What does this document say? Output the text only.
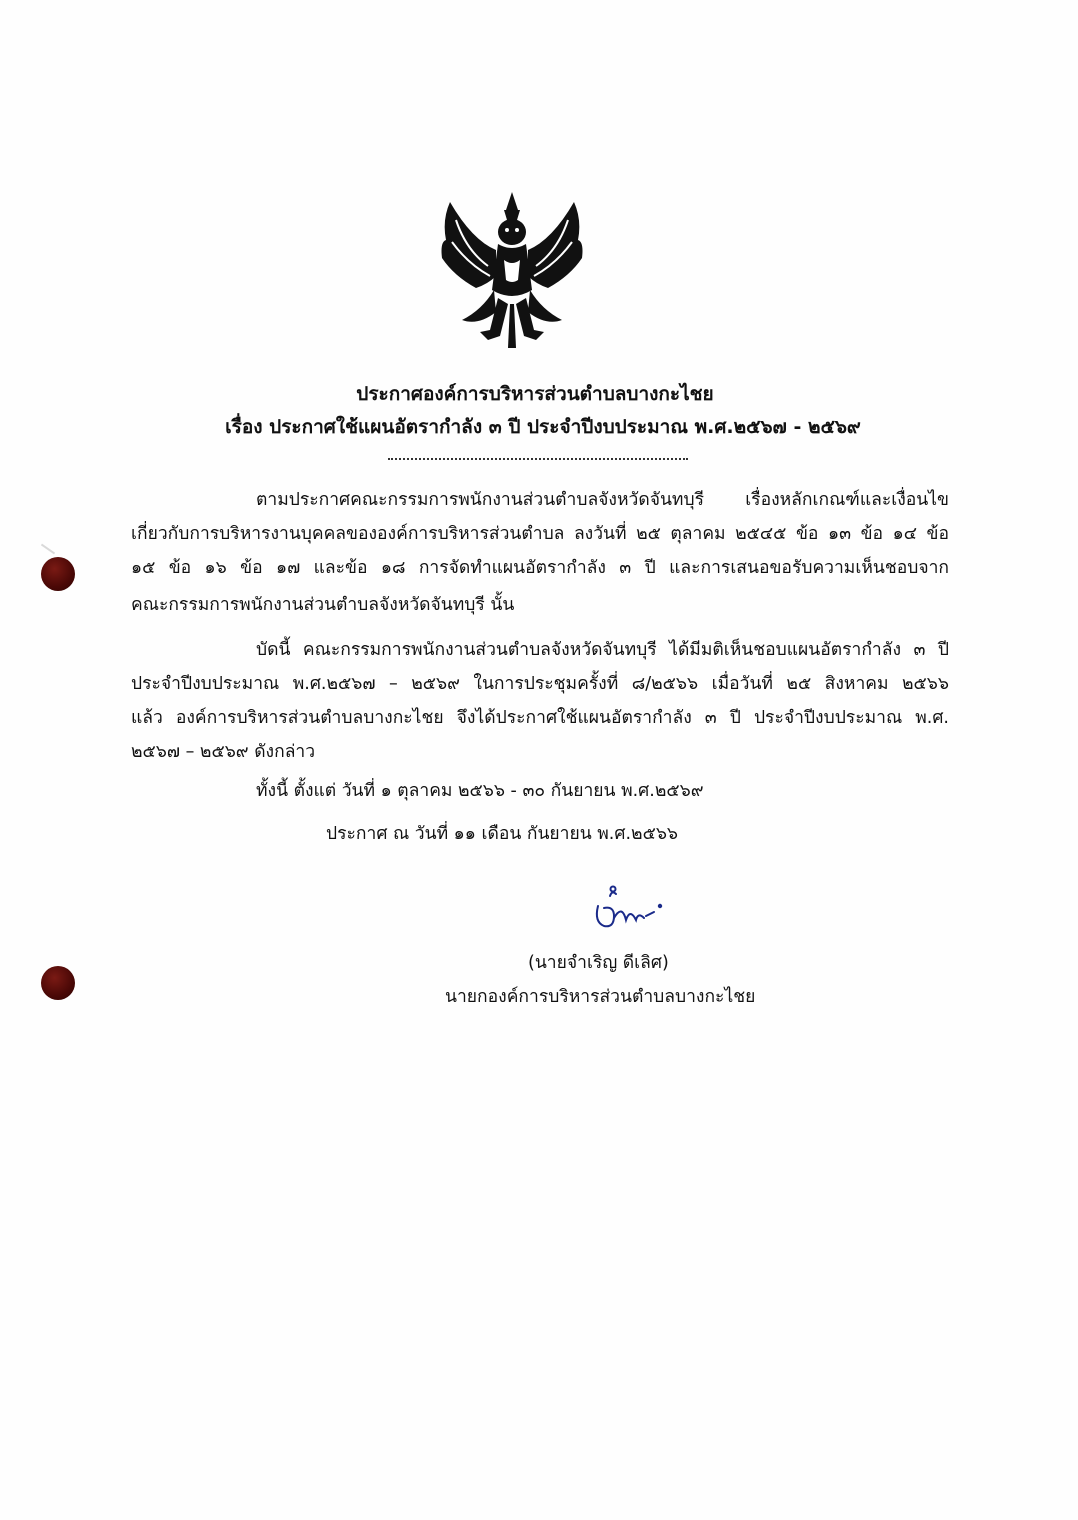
ประกาศองค์การบริหารส่วนตำบลบางกะไชย
เรื่อง ประกาศใช้แผนอัตรากำลัง ๓ ปี ประจำปีงบประมาณ พ.ศ.๒๕๖๗ - ๒๕๖๙
ตามประกาศคณะกรรมการพนักงานส่วนตำบลจังหวัดจันทบุรี เรื่องหลักเกณฑ์และเงื่อนไข
เกี่ยวกับการบริหารงานบุคคลขององค์การบริหารส่วนตำบล ลงวันที่ ๒๕ ตุลาคม ๒๕๔๕ ข้อ ๑๓ ข้อ ๑๔ ข้อ
๑๕ ข้อ ๑๖ ข้อ ๑๗ และข้อ ๑๘ การจัดทำแผนอัตรากำลัง ๓ ปี และการเสนอขอรับความเห็นชอบจาก
คณะกรรมการพนักงานส่วนตำบลจังหวัดจันทบุรี นั้น
บัดนี้ คณะกรรมการพนักงานส่วนตำบลจังหวัดจันทบุรี ได้มีมติเห็นชอบแผนอัตรากำลัง ๓ ปี
ประจำปีงบประมาณ พ.ศ.๒๕๖๗ – ๒๕๖๙ ในการประชุมครั้งที่ ๘/๒๕๖๖ เมื่อวันที่ ๒๕ สิงหาคม ๒๕๖๖
แล้ว องค์การบริหารส่วนตำบลบางกะไชย จึงได้ประกาศใช้แผนอัตรากำลัง ๓ ปี ประจำปีงบประมาณ พ.ศ.
๒๕๖๗ – ๒๕๖๙ ดังกล่าว
ทั้งนี้ ตั้งแต่ วันที่ ๑ ตุลาคม ๒๕๖๖ - ๓๐ กันยายน พ.ศ.๒๕๖๙
ประกาศ ณ วันที่ ๑๑ เดือน กันยายน พ.ศ.๒๕๖๖
(นายจำเริญ ดีเลิศ)
นายกองค์การบริหารส่วนตำบลบางกะไชย
